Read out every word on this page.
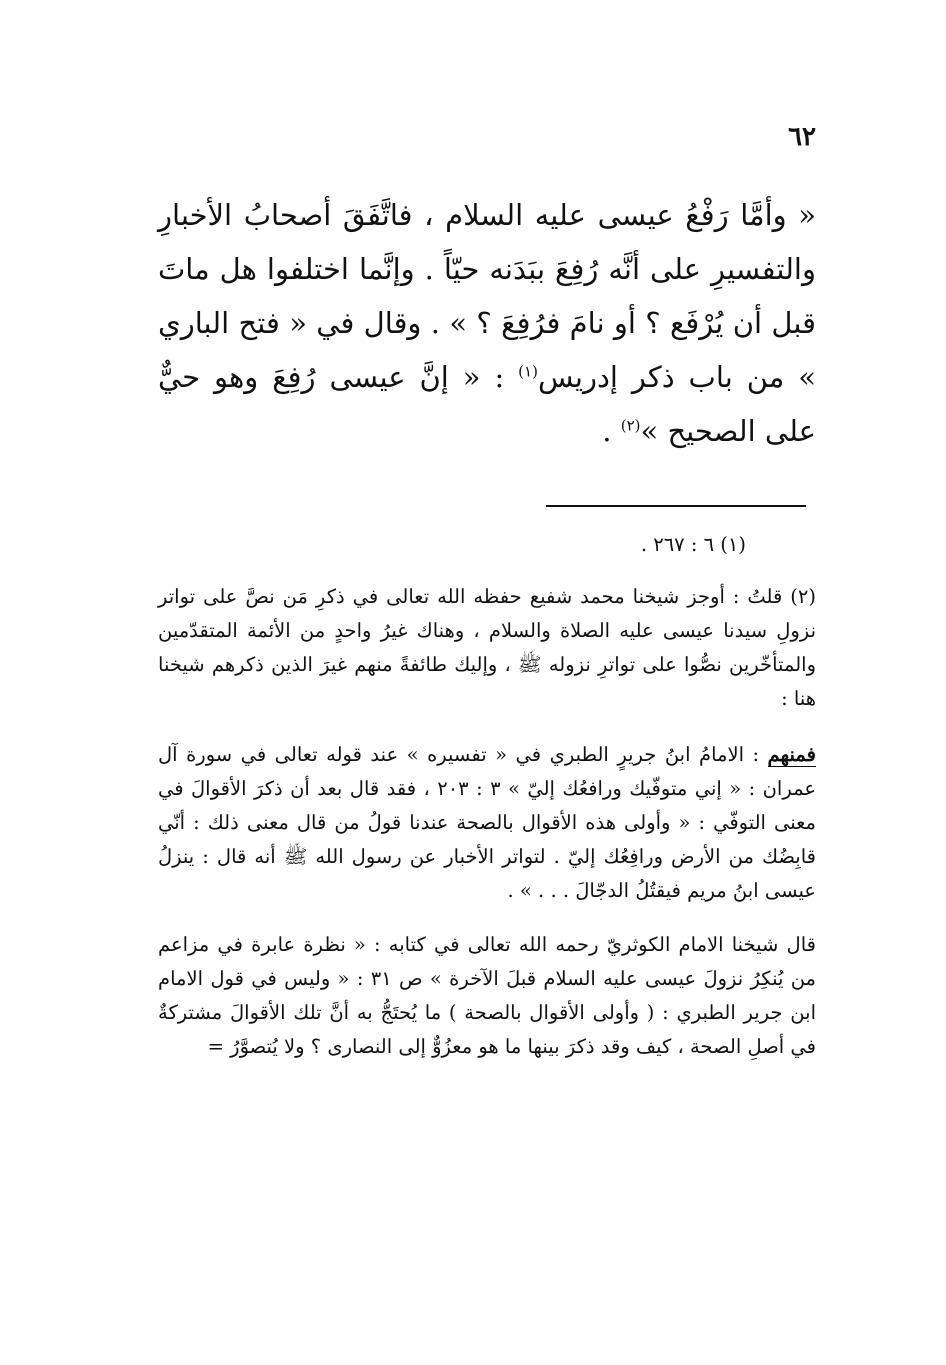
٦٢
« وأمَّا رَفْعُ عيسى عليه السلام ، فاتَّفَقَ أصحابُ الأخبارِ والتفسيرِ على أنَّه رُفِعَ ببَدَنه حيّاً . وإنَّما اختلفوا هل ماتَ قبل أن يُرْفَع ؟ أو نامَ فرُفِعَ ؟ » . وقال في « فتح الباري » من باب ذكر إدريس$^{(١)}$ : « إنَّ عيسى رُفِعَ وهو حيٌّ على الصحيح »$^{(٢)}$ .
(١) ٦ : ٢٦٧ .
(٢) قلتُ : أوجز شيخنا محمد شفيع حفظه الله تعالى في ذكرِ مَن نصَّ على تواتر نزولِ سيدنا عيسى عليه الصلاة والسلام ، وهناك غيرُ واحدٍ من الأئمة المتقدّمين والمتأخّرين نصُّوا على تواترِ نزوله ﷺ ، وإليك طائفةً منهم غيرَ الذين ذكرهم شيخنا هنا :
فمنهم : الامامُ ابنُ جريرٍ الطبري في « تفسيره » عند قوله تعالى في سورة آل عمران : « إني متوفّيك ورافعُك إليّ » ٣ : ٢٠٣ ، فقد قال بعد أن ذكرَ الأقوالَ في معنى التوفّي : « وأولى هذه الأقوال بالصحة عندنا قولُ من قال معنى ذلك : أنّي قابِضُك من الأرض ورافِعُك إليّ . لتواتر الأخبار عن رسول الله ﷺ أنه قال : ينزلُ عيسى ابنُ مريم فيقتُلُ الدجّالَ . . . » .
قال شيخنا الامام الكوثريّ رحمه الله تعالى في كتابه : « نظرة عابرة في مزاعم من يُنكِرُ نزولَ عيسى عليه السلام قبلَ الآخرة » ص ٣١ : « وليس في قول الامام ابن جرير الطبري : ( وأولى الأقوال بالصحة ) ما يُحتَجُّ به أنَّ تلك الأقوالَ مشتركةٌ في أصلِ الصحة ، كيف وقد ذكرَ بينها ما هو معزُوٌّ إلى النصارى ؟ ولا يُتصوَّرُ =
